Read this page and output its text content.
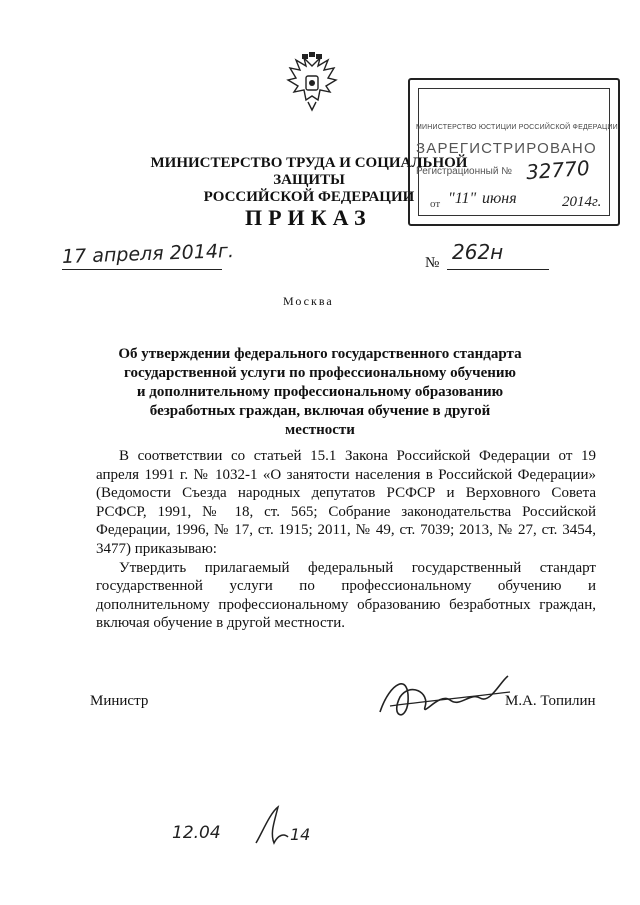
МИНИСТЕРСТВО ЮСТИЦИИ РОССИЙСКОЙ ФЕДЕРАЦИИ
ЗАРЕГИСТРИРОВАНО
Регистрационный № 32770
от "11" июня	2014г.
МИНИСТЕРСТВО ТРУДА И СОЦИАЛЬНОЙ ЗАЩИТЫ
РОССИЙСКОЙ ФЕДЕРАЦИИ
ПРИКАЗ
17 апреля 2014г.	№ 262н
Москва
Об утверждении федерального государственного стандарта государственной услуги по профессиональному обучению и дополнительному профессиональному образованию безработных граждан, включая обучение в другой местности
В соответствии со статьей 15.1 Закона Российской Федерации от 19 апреля 1991 г. № 1032-1 «О занятости населения в Российской Федерации» (Ведомости Съезда народных депутатов РСФСР и Верховного Совета РСФСР, 1991, № 18, ст. 565; Собрание законодательства Российской Федерации, 1996, № 17, ст. 1915; 2011, № 49, ст. 7039; 2013, № 27, ст. 3454, 3477) приказываю:
Утвердить прилагаемый федеральный государственный стандарт государственной услуги по профессиональному обучению и дополнительному профессиональному образованию безработных граждан, включая обучение в другой местности.
Министр	М.А. Топилин
12.04	14
